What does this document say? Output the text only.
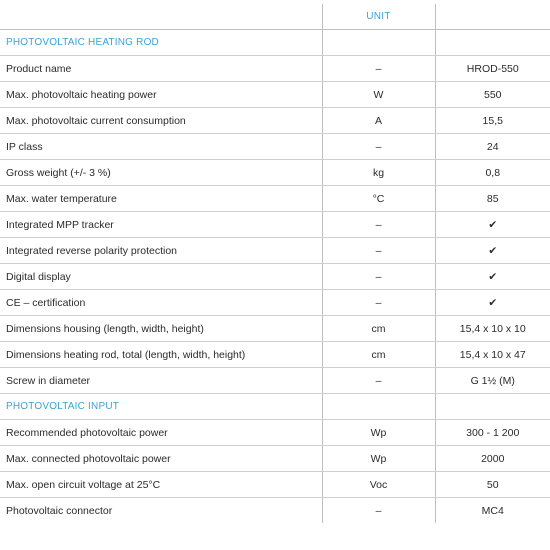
	UNIT	
PHOTOVOLTAIC HEATING ROD		
Product name	–	HROD-550
Max. photovoltaic heating power	W	550
Max. photovoltaic current consumption	A	15,5
IP class	–	24
Gross weight (+/- 3 %)	kg	0,8
Max. water temperature	°C	85
Integrated MPP tracker	–	✔
Integrated reverse polarity protection	–	✔
Digital display	–	✔
CE – certification	–	✔
Dimensions housing (length, width, height)	cm	15,4 x 10 x 10
Dimensions heating rod, total (length, width, height)	cm	15,4 x 10 x 47
Screw in diameter	–	G 1½ (M)
PHOTOVOLTAIC INPUT		
Recommended photovoltaic power	Wp	300 - 1 200
Max. connected photovoltaic power	Wp	2000
Max. open circuit voltage at 25°C	Voc	50
Photovoltaic connector	–	MC4
